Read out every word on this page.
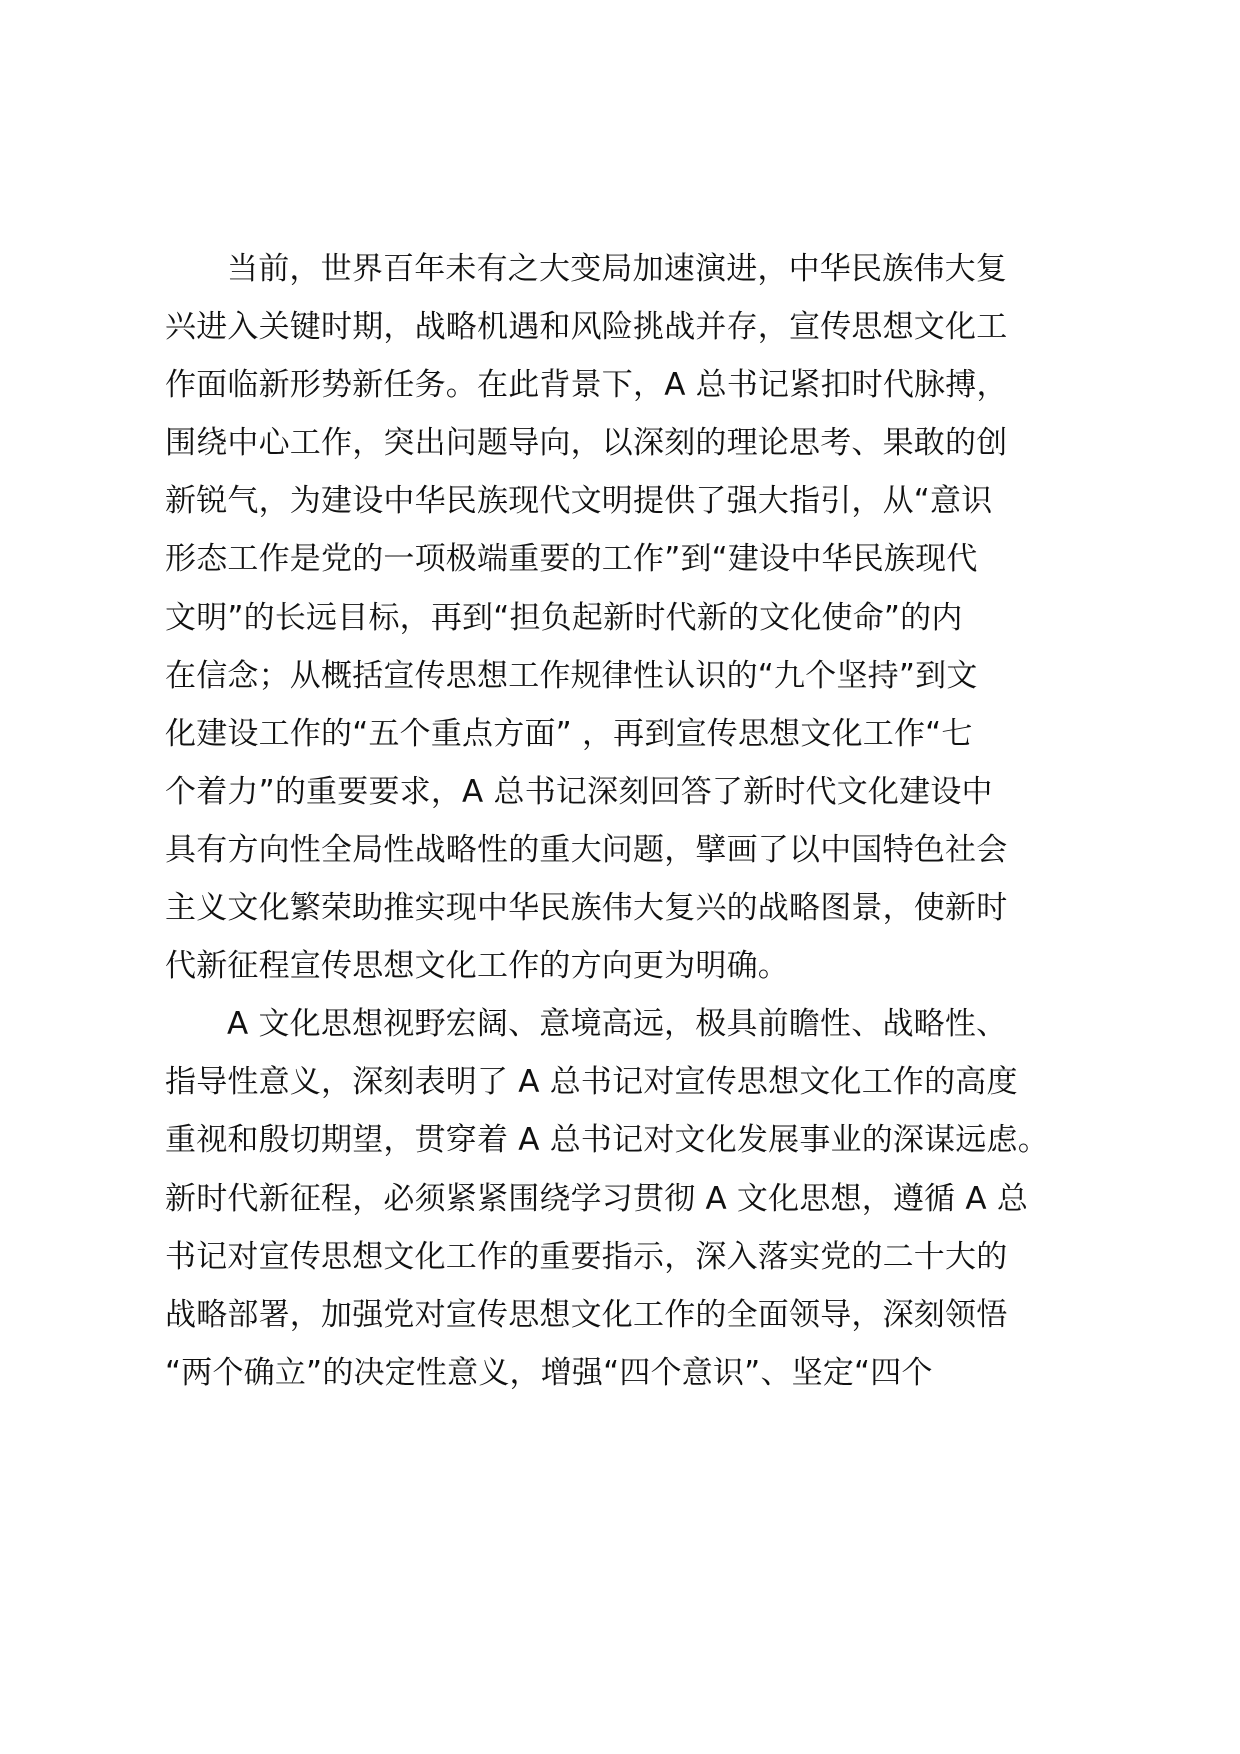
当前，世界百年未有之大变局加速演进，中华民族伟大复
兴进入关键时期，战略机遇和风险挑战并存，宣传思想文化工
作面临新形势新任务。在此背景下，A 总书记紧扣时代脉搏，
围绕中心工作，突出问题导向，以深刻的理论思考、果敢的创
新锐气，为建设中华民族现代文明提供了强大指引，从“意识
形态工作是党的一项极端重要的工作”到“建设中华民族现代
文明”的长远目标，再到“担负起新时代新的文化使命”的内
在信念；从概括宣传思想工作规律性认识的“九个坚持”到文
化建设工作的“五个重点方面” ，再到宣传思想文化工作“七
个着力”的重要要求，A 总书记深刻回答了新时代文化建设中
具有方向性全局性战略性的重大问题，擘画了以中国特色社会
主义文化繁荣助推实现中华民族伟大复兴的战略图景，使新时
代新征程宣传思想文化工作的方向更为明确。
A 文化思想视野宏阔、意境高远，极具前瞻性、战略性、
指导性意义，深刻表明了 A 总书记对宣传思想文化工作的高度
重视和殷切期望，贯穿着 A 总书记对文化发展事业的深谋远虑。
新时代新征程，必须紧紧围绕学习贯彻 A 文化思想，遵循 A 总
书记对宣传思想文化工作的重要指示，深入落实党的二十大的
战略部署，加强党对宣传思想文化工作的全面领导，深刻领悟
“两个确立”的决定性意义，增强“四个意识”、坚定“四个
